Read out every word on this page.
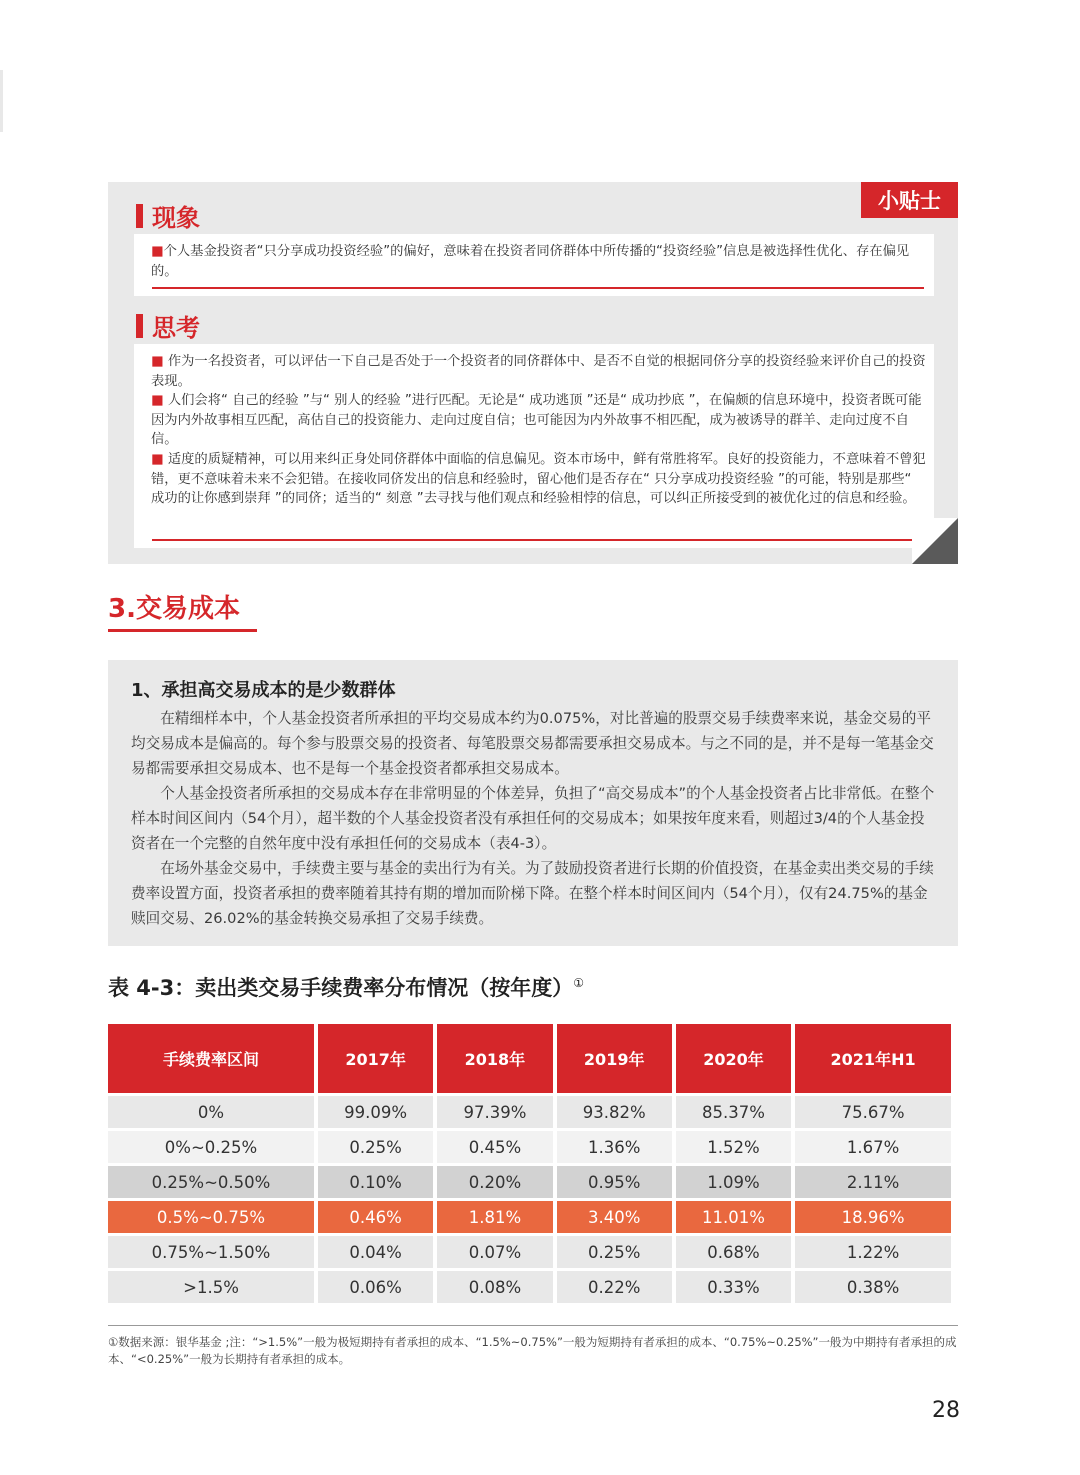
小贴士
现象

■个人基金投资者“只分享成功投资经验”的偏好，意味着在投资者同侪群体中所传播的“投资经验”信息是被选择性优化、存在偏见的。

思考

■ 作为一名投资者，可以评估一下自己是否处于一个投资者的同侪群体中、是否不自觉的根据同侪分享的投资经验来评价自己的投资表现。

■ 人们会将“ 自己的经验 ”与“ 别人的经验 ”进行匹配。无论是“ 成功逃顶 ”还是“ 成功抄底 ”，在偏颇的信息环境中，投资者既可能因为内外故事相互匹配，高估自己的投资能力、走向过度自信；也可能因为内外故事不相匹配，成为被诱导的群羊、走向过度不自信。

■ 适度的质疑精神，可以用来纠正身处同侪群体中面临的信息偏见。资本市场中，鲜有常胜将军。良好的投资能力，不意味着不曾犯错，更不意味着未来不会犯错。在接收同侪发出的信息和经验时，留心他们是否存在“ 只分享成功投资经验 ”的可能，特别是那些“ 成功的让你感到崇拜 ”的同侪；适当的“ 刻意 ”去寻找与他们观点和经验相悖的信息，可以纠正所接受到的被优化过的信息和经验。

3.交易成本
1、承担高交易成本的是少数群体

在精细样本中，个人基金投资者所承担的平均交易成本约为0.075%，对比普遍的股票交易手续费率来说，基金交易的平均交易成本是偏高的。每个参与股票交易的投资者、每笔股票交易都需要承担交易成本。与之不同的是，并不是每一笔基金交易都需要承担交易成本、也不是每一个基金投资者都承担交易成本。

个人基金投资者所承担的交易成本存在非常明显的个体差异，负担了“高交易成本”的个人基金投资者占比非常低。在整个样本时间区间内（54个月），超半数的个人基金投资者没有承担任何的交易成本；如果按年度来看，则超过3/4的个人基金投资者在一个完整的自然年度中没有承担任何的交易成本（表4-3）。

在场外基金交易中，手续费主要与基金的卖出行为有关。为了鼓励投资者进行长期的价值投资，在基金卖出类交易的手续费率设置方面，投资者承担的费率随着其持有期的增加而阶梯下降。在整个样本时间区间内（54个月），仅有24.75%的基金赎回交易、26.02%的基金转换交易承担了交易手续费。

表 4-3：卖出类交易手续费率分布情况（按年度）①
手续费率区间	2017年	2018年	2019年	2020年	2021年H1
0%	99.09%	97.39%	93.82%	85.37%	75.67%
0%~0.25%	0.25%	0.45%	1.36%	1.52%	1.67%
0.25%~0.50%	0.10%	0.20%	0.95%	1.09%	2.11%
0.5%~0.75%	0.46%	1.81%	3.40%	11.01%	18.96%
0.75%~1.50%	0.04%	0.07%	0.25%	0.68%	1.22%
>1.5%	0.06%	0.08%	0.22%	0.33%	0.38%
①数据来源：银华基金 ;注：“>1.5%”一般为极短期持有者承担的成本、“1.5%~0.75%”一般为短期持有者承担的成本、“0.75%~0.25%”一般为中期持有者承担的成本、“<0.25%”一般为长期持有者承担的成本。
28
